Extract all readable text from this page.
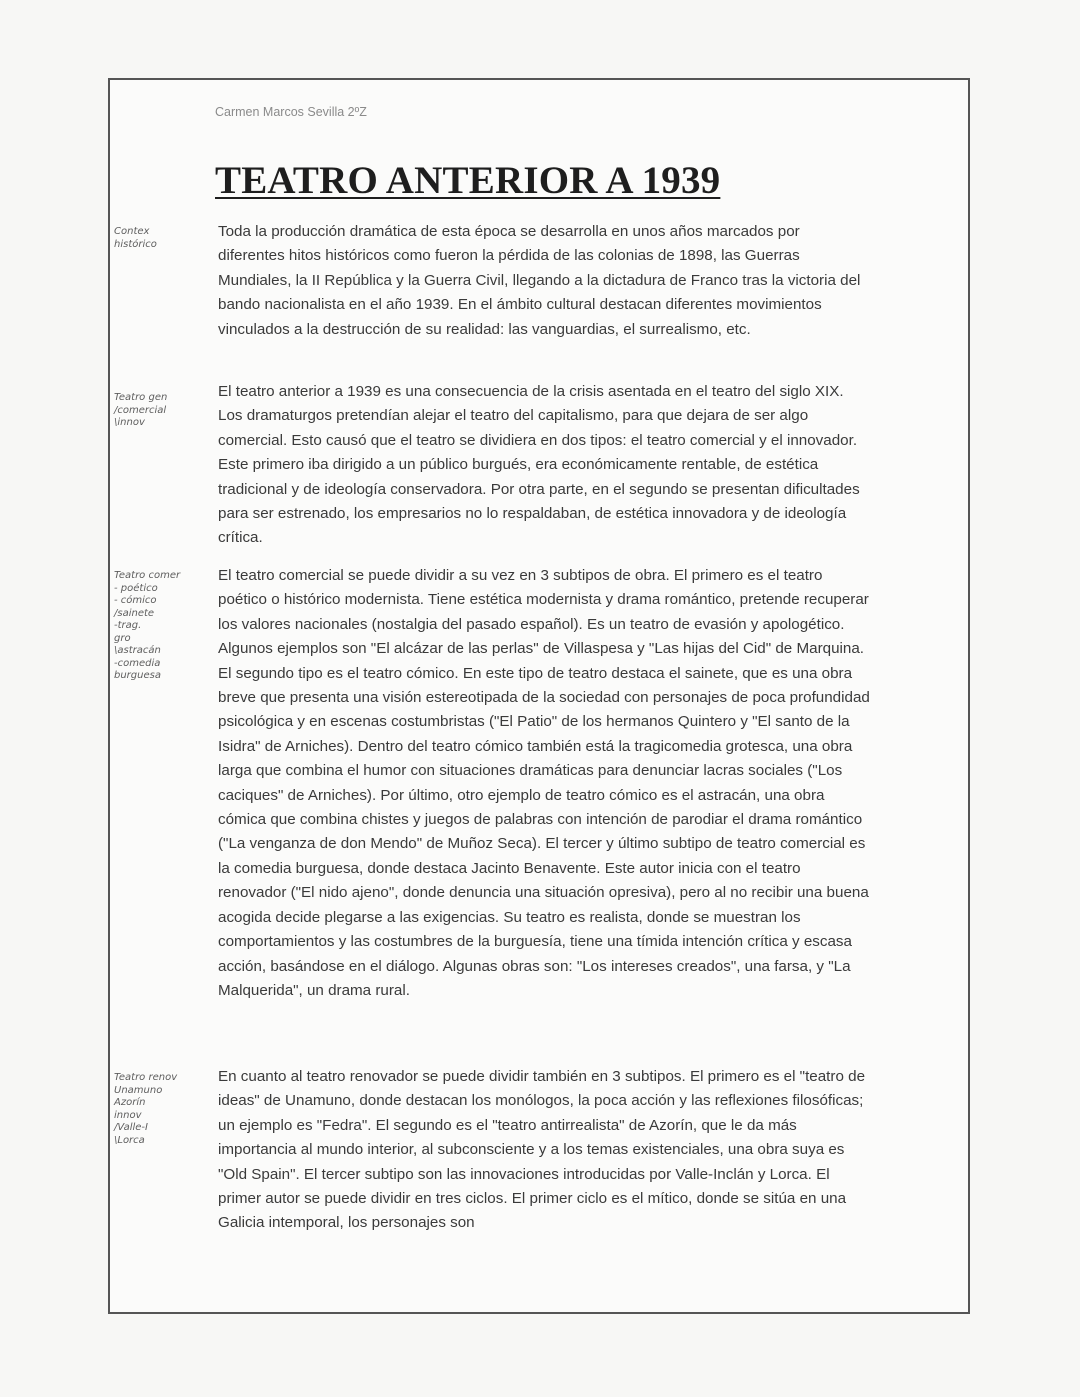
Carmen Marcos Sevilla 2ºZ
TEATRO ANTERIOR A 1939
Contex
histórico
Teatro gen
/comercial
\innov
Teatro comer
- poético
- cómico
/sainete
-trag.
gro
\astracán
-comedia
burguesa
Teatro renov
Unamuno
Azorín
innov
/Valle-I
\Lorca

Toda la producción dramática de esta época se desarrolla en unos años marcados por diferentes hitos históricos como fueron la pérdida de las colonias de 1898, las Guerras Mundiales, la II República y la Guerra Civil, llegando a la dictadura de Franco tras la victoria del bando nacionalista en el año 1939. En el ámbito cultural destacan diferentes movimientos vinculados a la destrucción de su realidad: las vanguardias, el surrealismo, etc.

El teatro anterior a 1939 es una consecuencia de la crisis asentada en el teatro del siglo XIX. Los dramaturgos pretendían alejar el teatro del capitalismo, para que dejara de ser algo comercial. Esto causó que el teatro se dividiera en dos tipos: el teatro comercial y el innovador. Este primero iba dirigido a un público burgués, era económicamente rentable, de estética tradicional y de ideología conservadora. Por otra parte, en el segundo se presentan dificultades para ser estrenado, los empresarios no lo respaldaban, de estética innovadora y de ideología crítica.

El teatro comercial se puede dividir a su vez en 3 subtipos de obra. El primero es el teatro poético o histórico modernista. Tiene estética modernista y drama romántico, pretende recuperar los valores nacionales (nostalgia del pasado español). Es un teatro de evasión y apologético. Algunos ejemplos son "El alcázar de las perlas" de Villaspesa y "Las hijas del Cid" de Marquina. El segundo tipo es el teatro cómico. En este tipo de teatro destaca el sainete, que es una obra breve que presenta una visión estereotipada de la sociedad con personajes de poca profundidad psicológica y en escenas costumbristas ("El Patio" de los hermanos Quintero y "El santo de la Isidra" de Arniches). Dentro del teatro cómico también está la tragicomedia grotesca, una obra larga que combina el humor con situaciones dramáticas para denunciar lacras sociales ("Los caciques" de Arniches). Por último, otro ejemplo de teatro cómico es el astracán, una obra cómica que combina chistes y juegos de palabras con intención de parodiar el drama romántico ("La venganza de don Mendo" de Muñoz Seca). El tercer y último subtipo de teatro comercial es la comedia burguesa, donde destaca Jacinto Benavente. Este autor inicia con el teatro renovador ("El nido ajeno", donde denuncia una situación opresiva), pero al no recibir una buena acogida decide plegarse a las exigencias. Su teatro es realista, donde se muestran los comportamientos y las costumbres de la burguesía, tiene una tímida intención crítica y escasa acción, basándose en el diálogo. Algunas obras son: "Los intereses creados", una farsa, y "La Malquerida", un drama rural.

En cuanto al teatro renovador se puede dividir también en 3 subtipos. El primero es el "teatro de ideas" de Unamuno, donde destacan los monólogos, la poca acción y las reflexiones filosóficas; un ejemplo es "Fedra". El segundo es el "teatro antirrealista" de Azorín, que le da más importancia al mundo interior, al subconsciente y a los temas existenciales, una obra suya es "Old Spain". El tercer subtipo son las innovaciones introducidas por Valle-Inclán y Lorca. El primer autor se puede dividir en tres ciclos. El primer ciclo es el mítico, donde se sitúa en una Galicia intemporal, los personajes son
